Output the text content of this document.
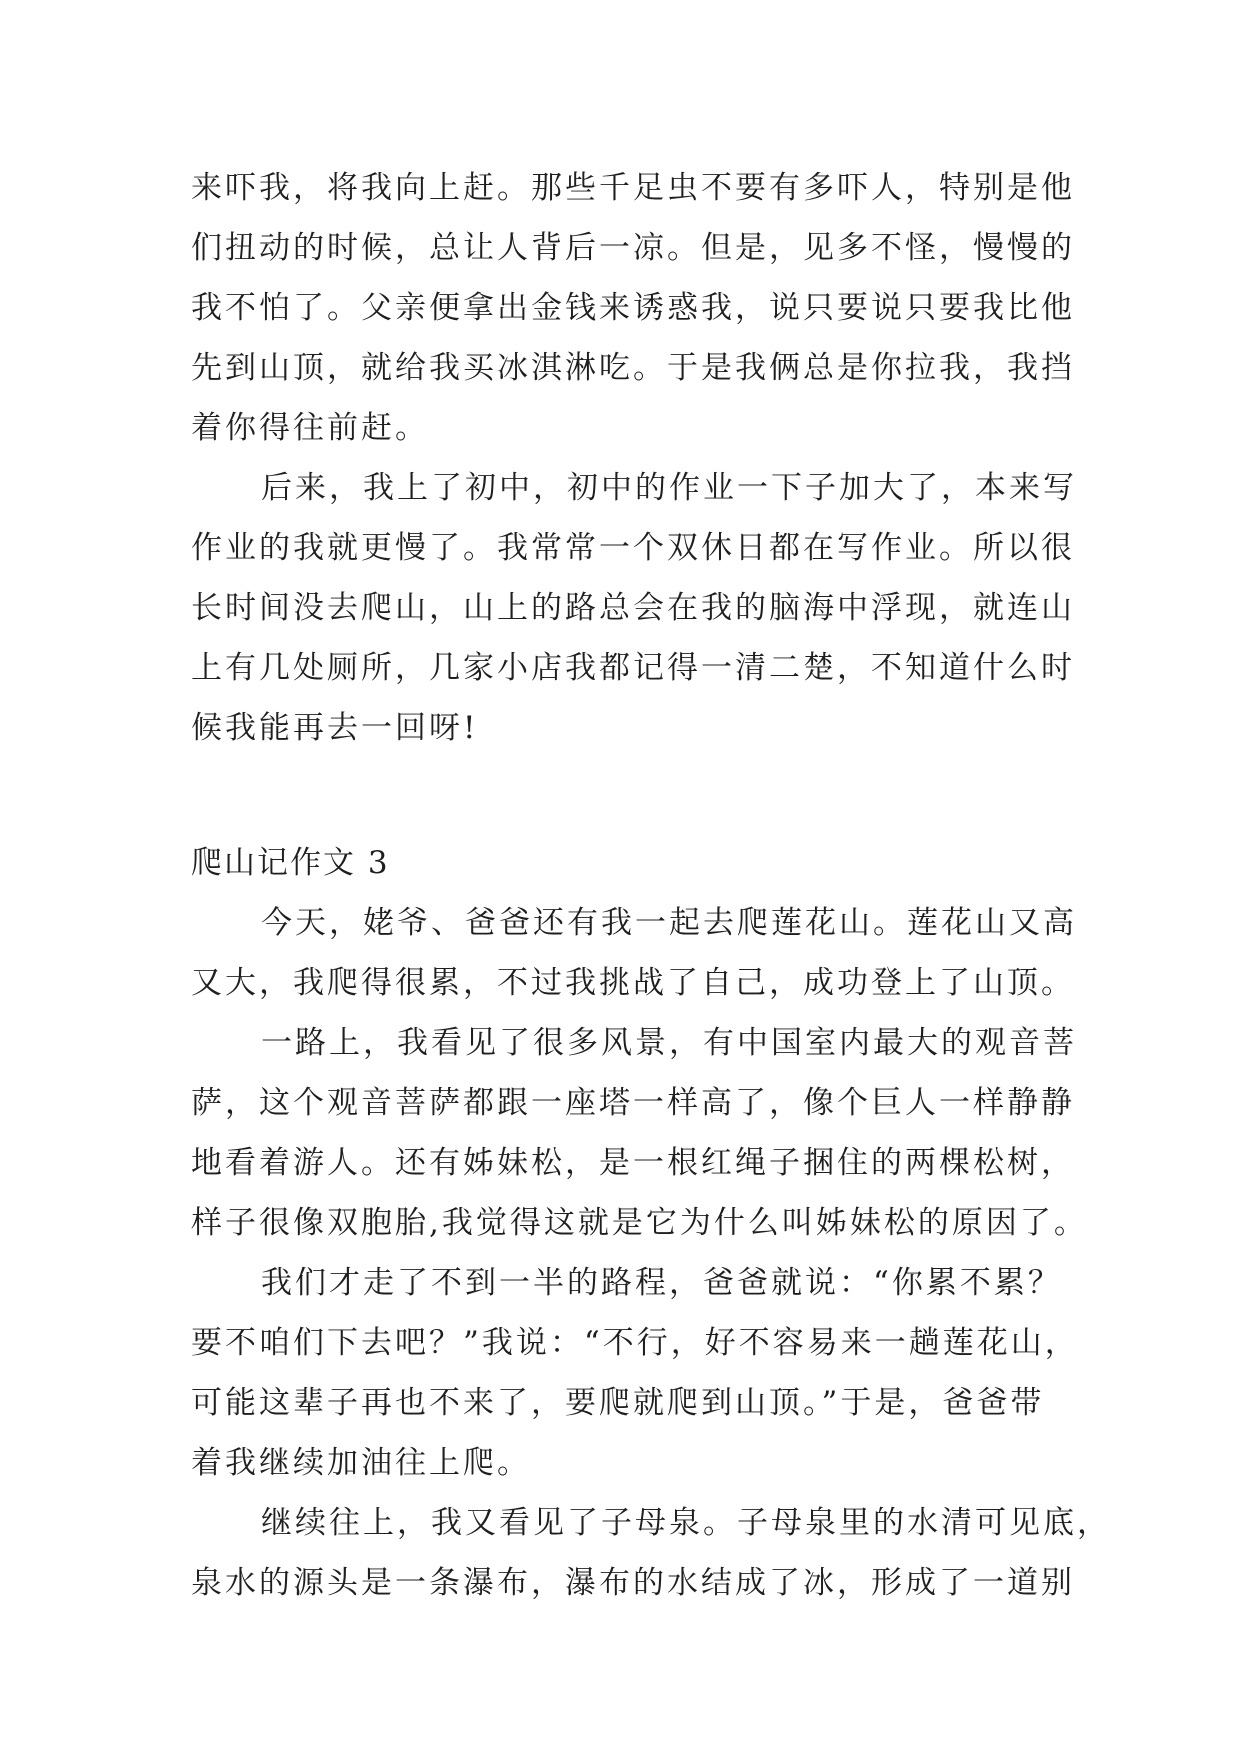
来吓我，将我向上赶。那些千足虫不要有多吓人，特别是他
们扭动的时候，总让人背后一凉。但是，见多不怪，慢慢的
我不怕了。父亲便拿出金钱来诱惑我，说只要说只要我比他
先到山顶，就给我买冰淇淋吃。于是我俩总是你拉我，我挡
着你得往前赶。
后来，我上了初中，初中的作业一下子加大了，本来写
作业的我就更慢了。我常常一个双休日都在写作业。所以很
长时间没去爬山，山上的路总会在我的脑海中浮现，就连山
上有几处厕所，几家小店我都记得一清二楚，不知道什么时
候我能再去一回呀!
爬山记作文 3
今天，姥爷、爸爸还有我一起去爬莲花山。莲花山又高
又大，我爬得很累，不过我挑战了自己，成功登上了山顶。
一路上，我看见了很多风景，有中国室内最大的观音菩
萨，这个观音菩萨都跟一座塔一样高了，像个巨人一样静静
地看着游人。还有姊妹松，是一根红绳子捆住的两棵松树，
样子很像双胞胎,我觉得这就是它为什么叫姊妹松的原因了。
我们才走了不到一半的路程，爸爸就说：“你累不累？
要不咱们下去吧？”我说：“不行，好不容易来一趟莲花山，
可能这辈子再也不来了，要爬就爬到山顶。”于是，爸爸带
着我继续加油往上爬。
继续往上，我又看见了子母泉。子母泉里的水清可见底，
泉水的源头是一条瀑布，瀑布的水结成了冰，形成了一道别
